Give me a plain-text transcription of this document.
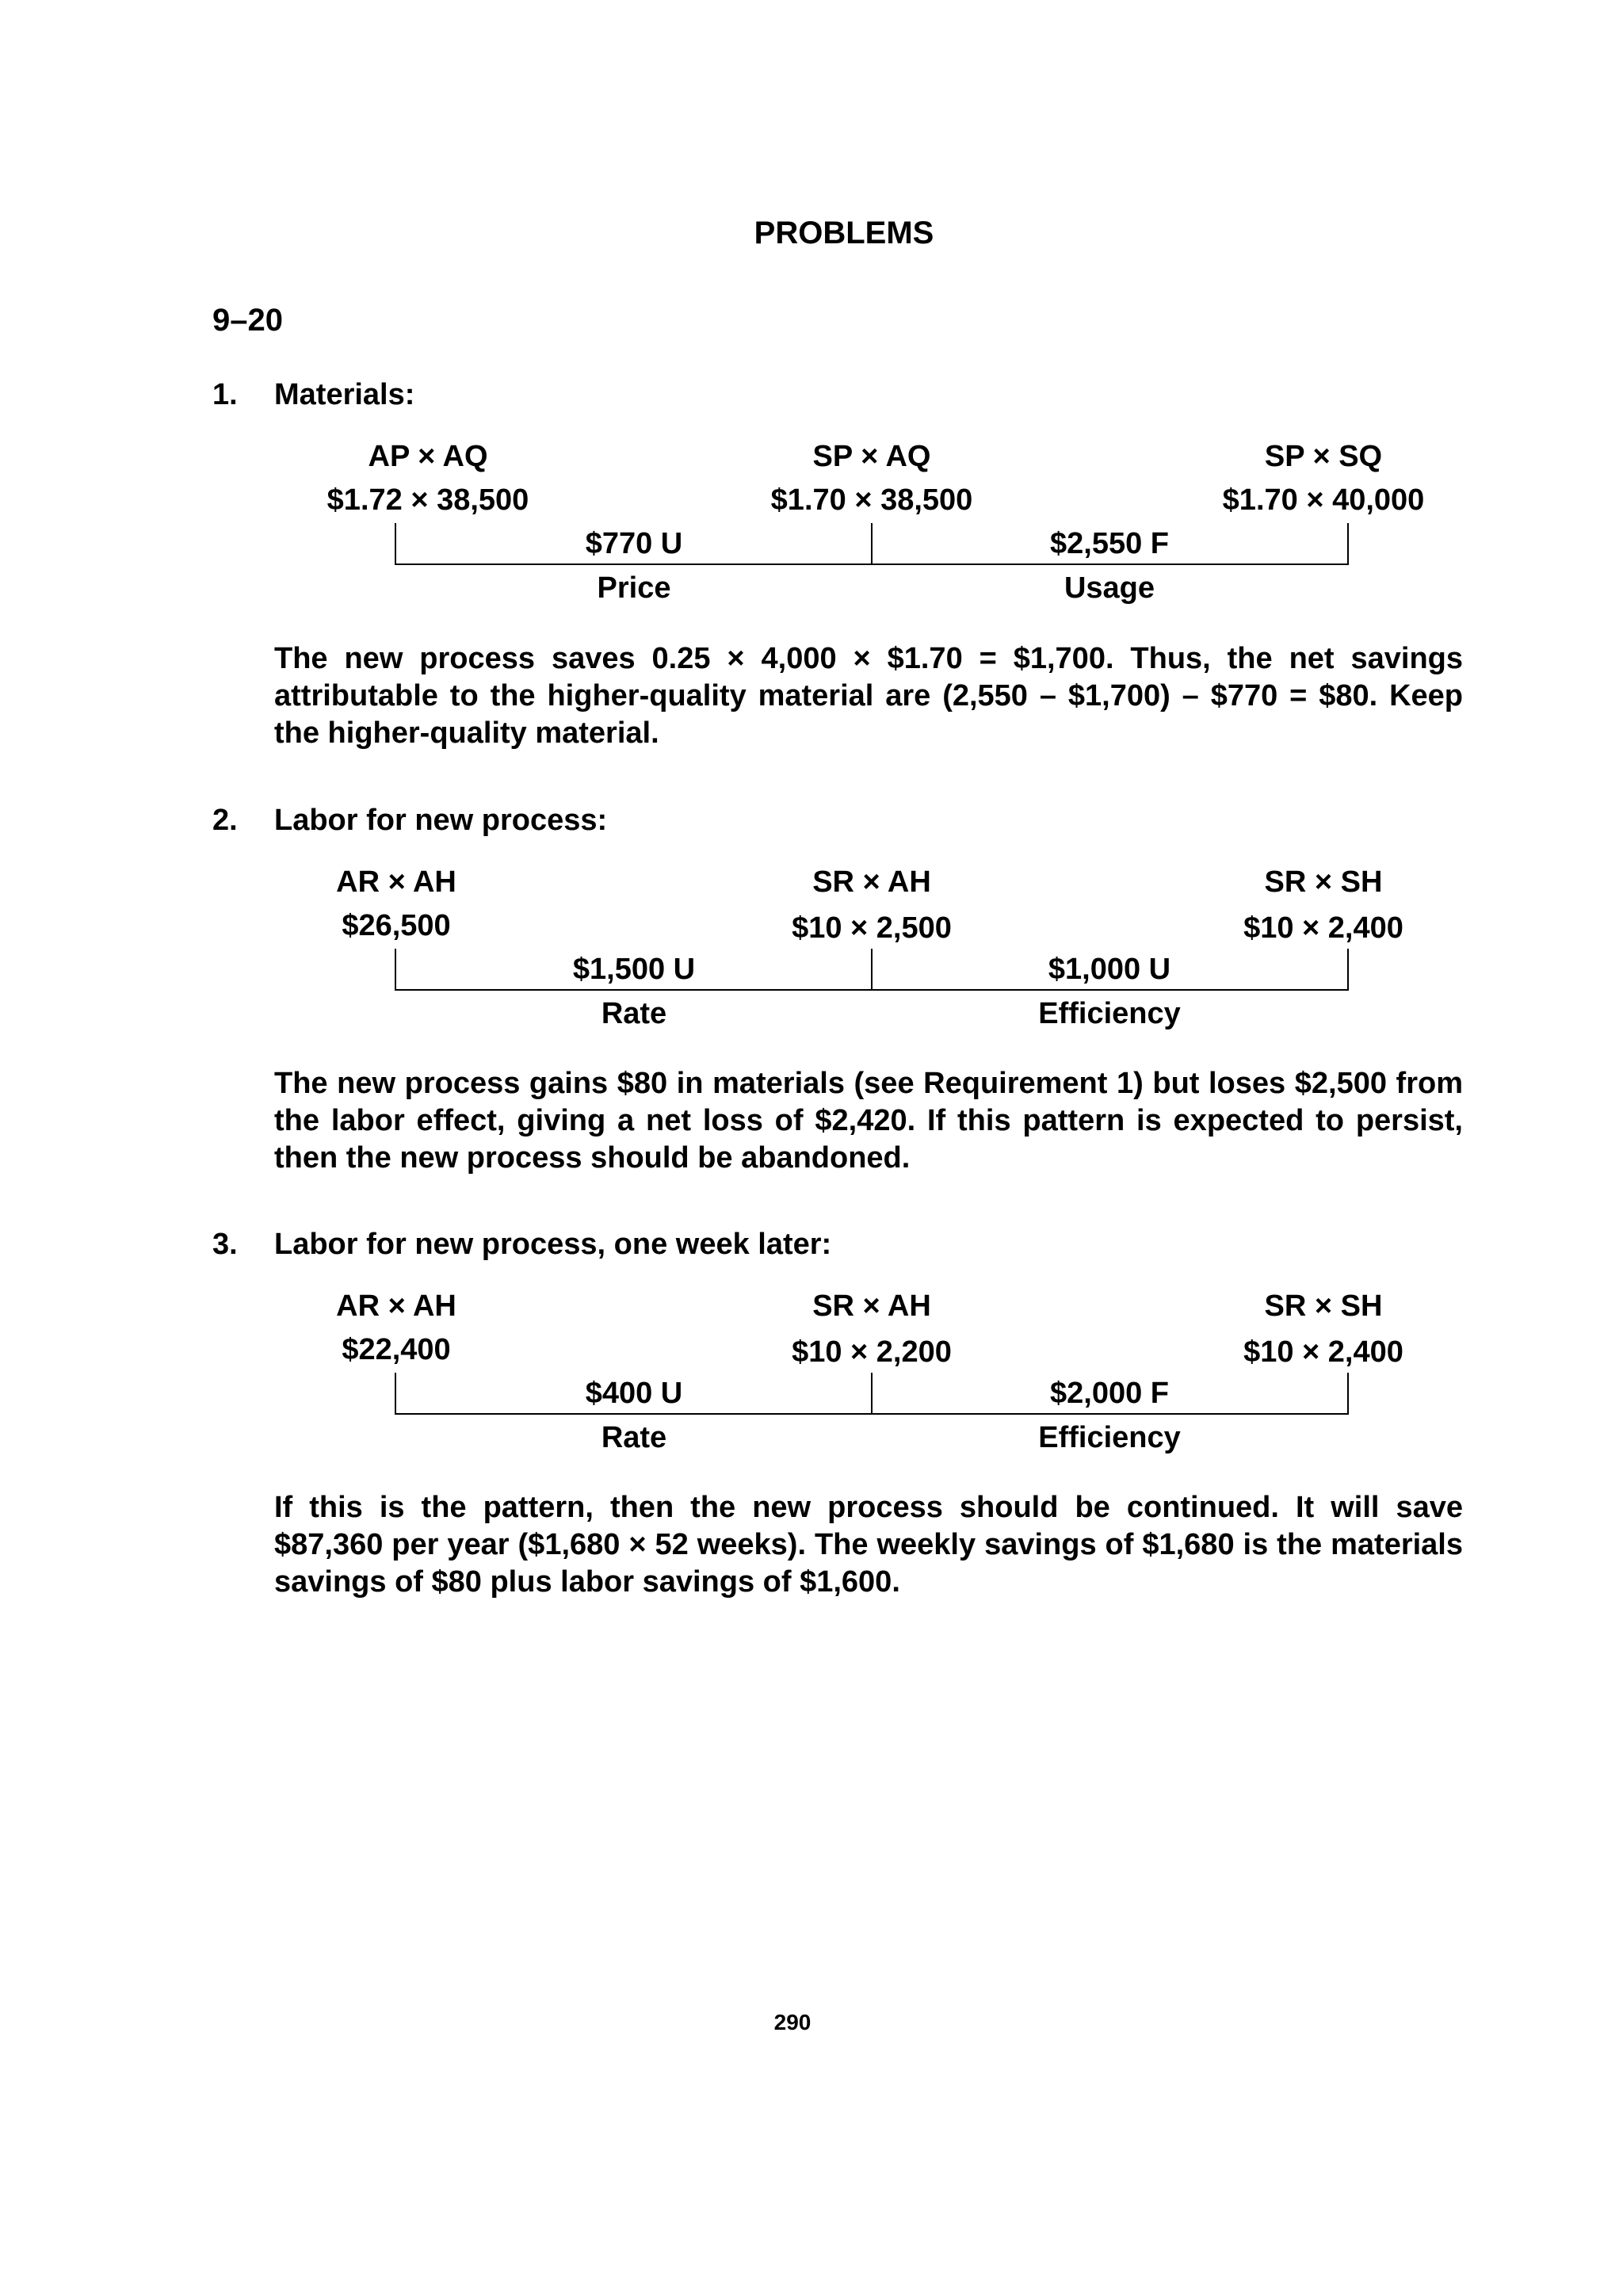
PROBLEMS
9–20
1. Materials:
AP × AQ	SP × AQ	SP × SQ
$1.72 × 38,500	$1.70 × 38,500	$1.70 × 40,000
$770 U	$2,550 F
Price	Usage
The new process saves 0.25 × 4,000 × $1.70 = $1,700. Thus, the net savings attributable to the higher-quality material are (2,550 – $1,700) – $770 = $80. Keep the higher-quality material.
2. Labor for new process:
AR × AH	SR × AH	SR × SH
$26,500	$10 × 2,500	$10 × 2,400
$1,500 U	$1,000 U
Rate	Efficiency
The new process gains $80 in materials (see Requirement 1) but loses $2,500 from the labor effect, giving a net loss of $2,420. If this pattern is expected to persist, then the new process should be abandoned.
3. Labor for new process, one week later:
AR × AH	SR × AH	SR × SH
$22,400	$10 × 2,200	$10 × 2,400
$400 U	$2,000 F
Rate	Efficiency
If this is the pattern, then the new process should be continued. It will save $87,360 per year ($1,680 × 52 weeks). The weekly savings of $1,680 is the materials savings of $80 plus labor savings of $1,600.
290
